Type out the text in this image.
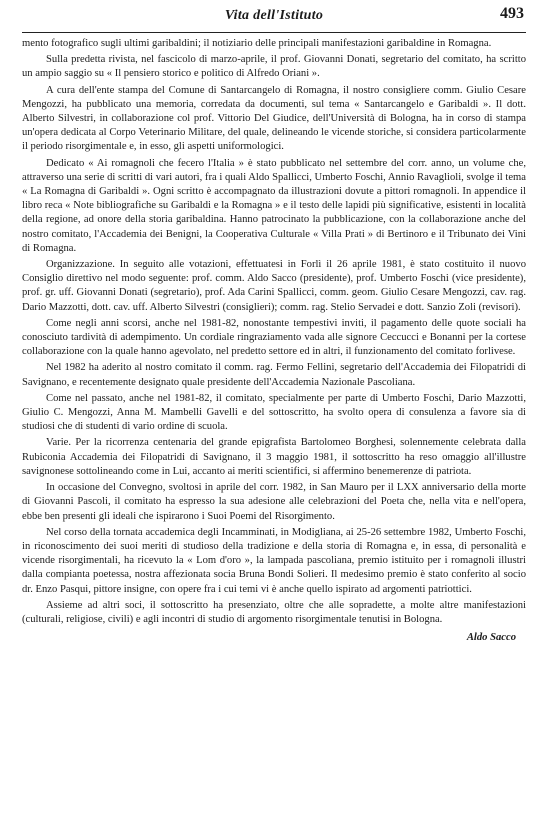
Vita dell'Istituto	493

mento fotografico sugli ultimi garibaldini; il notiziario delle principali manifestazioni garibaldine in Romagna.

Sulla predetta rivista, nel fascicolo di marzo-aprile, il prof. Giovanni Donati, segretario del comitato, ha scritto un ampio saggio su « Il pensiero storico e politico di Alfredo Oriani ».

A cura dell'ente stampa del Comune di Santarcangelo di Romagna, il nostro consigliere comm. Giulio Cesare Mengozzi, ha pubblicato una memoria, corredata da documenti, sul tema « Santarcangelo e Garibaldi ». Il dott. Alberto Silvestri, in collaborazione col prof. Vittorio Del Giudice, dell'Università di Bologna, ha in corso di stampa un'opera dedicata al Corpo Veterinario Militare, del quale, delineando le vicende storiche, si considera particolarmente il periodo risorgimentale e, in esso, gli aspetti uniformologici.

Dedicato « Ai romagnoli che fecero l'Italia » è stato pubblicato nel settembre del corr. anno, un volume che, attraverso una serie di scritti di vari autori, fra i quali Aldo Spallicci, Umberto Foschi, Annio Ravaglioli, svolge il tema « La Romagna di Garibaldi ». Ogni scritto è accompagnato da illustrazioni dovute a pittori romagnoli. In appendice il libro reca « Note bibliografiche su Garibaldi e la Romagna » e il testo delle lapidi più significative, esistenti in località della regione, ad onore della storia garibaldina. Hanno patrocinato la pubblicazione, con la collaborazione anche del nostro comitato, l'Accademia dei Benigni, la Cooperativa Culturale « Villa Prati » di Bertinoro e il Tribunato dei Vini di Romagna.

Organizzazione. In seguito alle votazioni, effettuatesi in Forlì il 26 aprile 1981, è stato costituito il nuovo Consiglio direttivo nel modo seguente: prof. comm. Aldo Sacco (presidente), prof. Umberto Foschi (vice presidente), prof. gr. uff. Giovanni Donati (segretario), prof. Ada Carini Spallicci, comm. geom. Giulio Cesare Mengozzi, cav. rag. Dario Mazzotti, dott. cav. uff. Alberto Silvestri (consiglieri); comm. rag. Stelio Servadei e dott. Sanzio Zoli (revisori).

Come negli anni scorsi, anche nel 1981-82, nonostante tempestivi inviti, il pagamento delle quote sociali ha conosciuto tardività di adempimento. Un cordiale ringraziamento vada alle signore Ceccucci e Bonanni per la cortese collaborazione con la quale hanno agevolato, nel predetto settore ed in altri, il funzionamento del comitato forlivese.

Nel 1982 ha aderito al nostro comitato il comm. rag. Fermo Fellini, segretario dell'Accademia dei Filopatridi di Savignano, e recentemente designato quale presidente dell'Accademia Nazionale Pascoliana.

Come nel passato, anche nel 1981-82, il comitato, specialmente per parte di Umberto Foschi, Dario Mazzotti, Giulio C. Mengozzi, Anna M. Mambelli Gavelli e del sottoscritto, ha svolto opera di consulenza a favore sia di studiosi che di studenti di vario ordine di scuola.

Varie. Per la ricorrenza centenaria del grande epigrafista Bartolomeo Borghesi, solennemente celebrata dalla Rubiconia Accademia dei Filopatridi di Savignano, il 3 maggio 1981, il sottoscritto ha reso omaggio all'illustre savignonese sottolineando come in Lui, accanto ai meriti scientifici, si affermino benemerenze di patriota.

In occasione del Convegno, svoltosi in aprile del corr. 1982, in San Mauro per il LXX anniversario della morte di Giovanni Pascoli, il comitato ha espresso la sua adesione alle celebrazioni del Poeta che, nella vita e nell'opera, ebbe ben presenti gli ideali che ispirarono i Suoi Poemi del Risorgimento.

Nel corso della tornata accademica degli Incamminati, in Modigliana, ai 25-26 settembre 1982, Umberto Foschi, in riconoscimento dei suoi meriti di studioso della tradizione e della storia di Romagna e, in essa, di personalità e vicende risorgimentali, ha ricevuto la « Lom d'oro », la lampada pascoliana, premio istituito per i romagnoli illustri dalla compianta poetessa, nostra affezionata socia Bruna Bondi Solieri. Il medesimo premio è stato conferito al socio dr. Enzo Pasqui, pittore insigne, con opere fra i cui temi vi è anche quello ispirato ad argomenti patriottici.

Assieme ad altri soci, il sottoscritto ha presenziato, oltre che alle sopradette, a molte altre manifestazioni (culturali, religiose, civili) e agli incontri di studio di argomento risorgimentale tenutisi in Bologna.

Aldo Sacco
